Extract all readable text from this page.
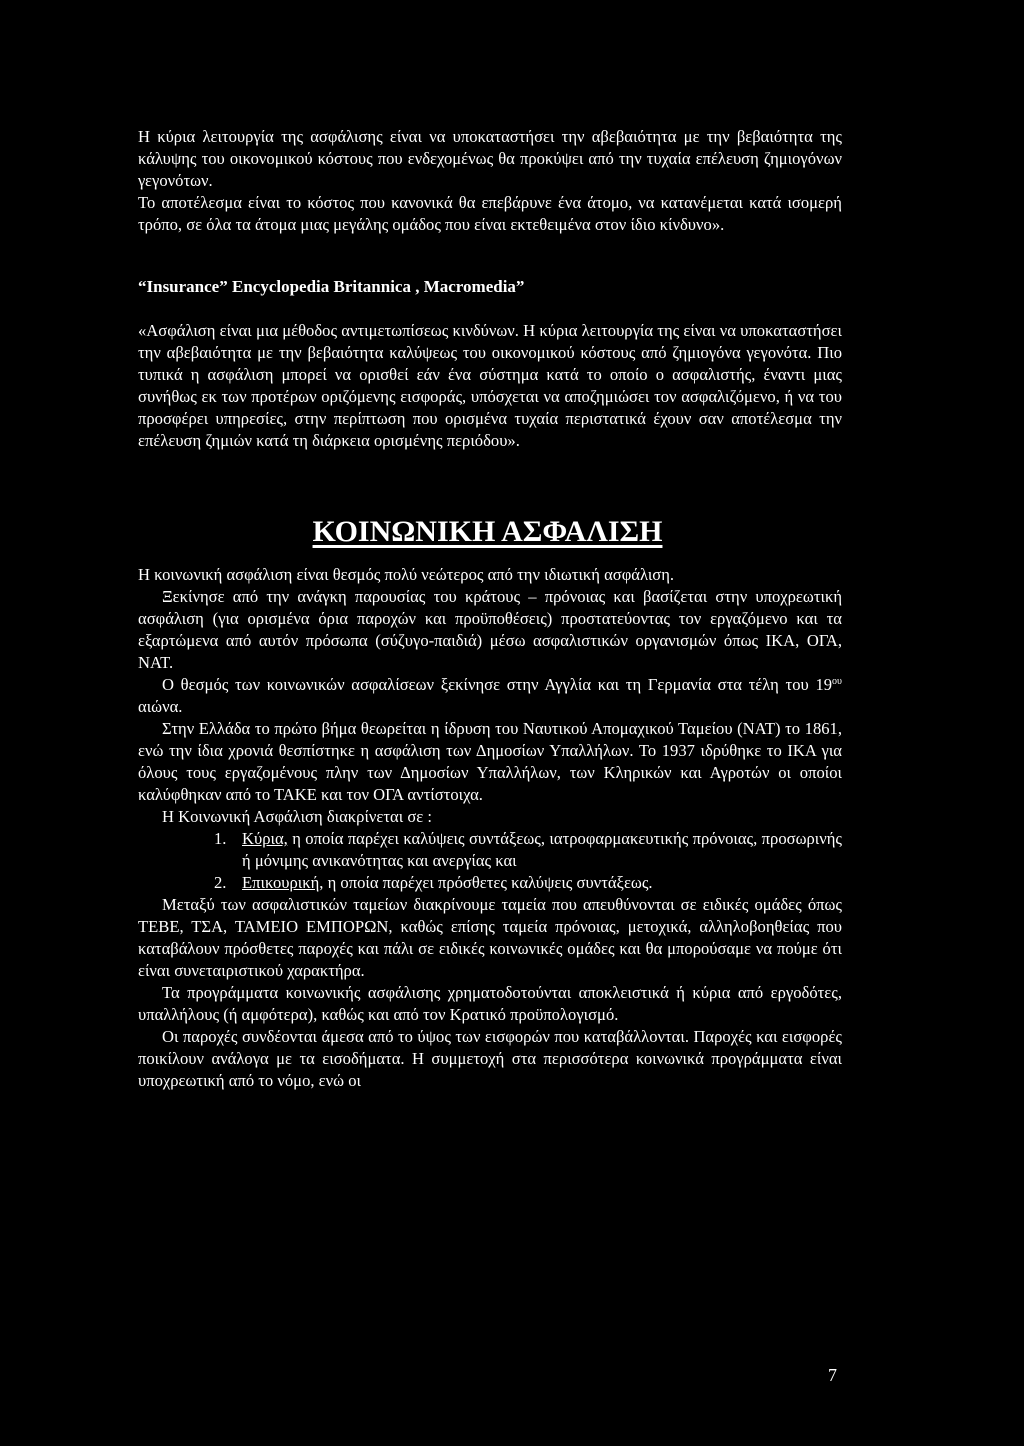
Η κύρια λειτουργία της ασφάλισης είναι να υποκαταστήσει την αβεβαιότητα με την βεβαιότητα της κάλυψης του οικονομικού κόστους που ενδεχομένως θα προκύψει από την τυχαία επέλευση ζημιογόνων γεγονότων.

Το αποτέλεσμα είναι το κόστος που κανονικά θα επεβάρυνε ένα άτομο, να κατανέμεται κατά ισομερή τρόπο, σε όλα τα άτομα μιας μεγάλης ομάδος που είναι εκτεθειμένα στον ίδιο κίνδυνο».

“Insurance” Encyclopedia Britannica , Macromedia”

«Ασφάλιση είναι μια μέθοδος αντιμετωπίσεως κινδύνων. Η κύρια λειτουργία της είναι να υποκαταστήσει την αβεβαιότητα με την βεβαιότητα καλύψεως του οικονομικού κόστους από ζημιογόνα γεγονότα. Πιο τυπικά η ασφάλιση μπορεί να ορισθεί εάν ένα σύστημα κατά το οποίο ο ασφαλιστής, έναντι μιας συνήθως εκ των προτέρων οριζόμενης εισφοράς, υπόσχεται να αποζημιώσει τον ασφαλιζόμενο, ή να του προσφέρει υπηρεσίες, στην περίπτωση που ορισμένα τυχαία περιστατικά έχουν σαν αποτέλεσμα την επέλευση ζημιών κατά τη διάρκεια ορισμένης περιόδου».

ΚΟΙΝΩΝΙΚΗ ΑΣΦΑΛΙΣΗ

Η κοινωνική ασφάλιση είναι θεσμός πολύ νεώτερος από την ιδιωτική ασφάλιση.

Ξεκίνησε από την ανάγκη παρουσίας του κράτους – πρόνοιας και βασίζεται στην υποχρεωτική ασφάλιση (για ορισμένα όρια παροχών και προϋποθέσεις) προστατεύοντας τον εργαζόμενο και τα εξαρτώμενα από αυτόν πρόσωπα (σύζυγο-παιδιά) μέσω ασφαλιστικών οργανισμών όπως ΙΚΑ, ΟΓΑ, ΝΑΤ.

Ο θεσμός των κοινωνικών ασφαλίσεων ξεκίνησε στην Αγγλία και τη Γερμανία στα τέλη του $19^{o\upsilon}$ αιώνα.

Στην Ελλάδα το πρώτο βήμα θεωρείται η ίδρυση του Ναυτικού Απομαχικού Ταμείου (ΝΑΤ) το 1861, ενώ την ίδια χρονιά θεσπίστηκε η ασφάλιση των Δημοσίων Υπαλλήλων. Το 1937 ιδρύθηκε το ΙΚΑ για όλους τους εργαζομένους πλην των Δημοσίων Υπαλλήλων, των Κληρικών και Αγροτών οι οποίοι καλύφθηκαν από το ΤΑΚΕ και τον ΟΓΑ αντίστοιχα.

Η Κοινωνική Ασφάλιση διακρίνεται σε :

1. Κύρια, η οποία παρέχει καλύψεις συντάξεως, ιατροφαρμακευτικής πρόνοιας, προσωρινής ή μόνιμης ανικανότητας και ανεργίας και
2. Επικουρική, η οποία παρέχει πρόσθετες καλύψεις συντάξεως.

Μεταξύ των ασφαλιστικών ταμείων διακρίνουμε ταμεία που απευθύνονται σε ειδικές ομάδες όπως ΤΕΒΕ, ΤΣΑ, ΤΑΜΕΙΟ ΕΜΠΟΡΩΝ, καθώς επίσης ταμεία πρόνοιας, μετοχικά, αλληλοβοηθείας που καταβάλουν πρόσθετες παροχές και πάλι σε ειδικές κοινωνικές ομάδες και θα μπορούσαμε να πούμε ότι είναι συνεταιριστικού χαρακτήρα.

Τα προγράμματα κοινωνικής ασφάλισης χρηματοδοτούνται αποκλειστικά ή κύρια από εργοδότες, υπαλλήλους (ή αμφότερα), καθώς και από τον Κρατικό προϋπολογισμό.

Οι παροχές συνδέονται άμεσα από το ύψος των εισφορών που καταβάλλονται. Παροχές και εισφορές ποικίλουν ανάλογα με τα εισοδήματα. Η συμμετοχή στα περισσότερα κοινωνικά προγράμματα είναι υποχρεωτική από το νόμο, ενώ οι

7
